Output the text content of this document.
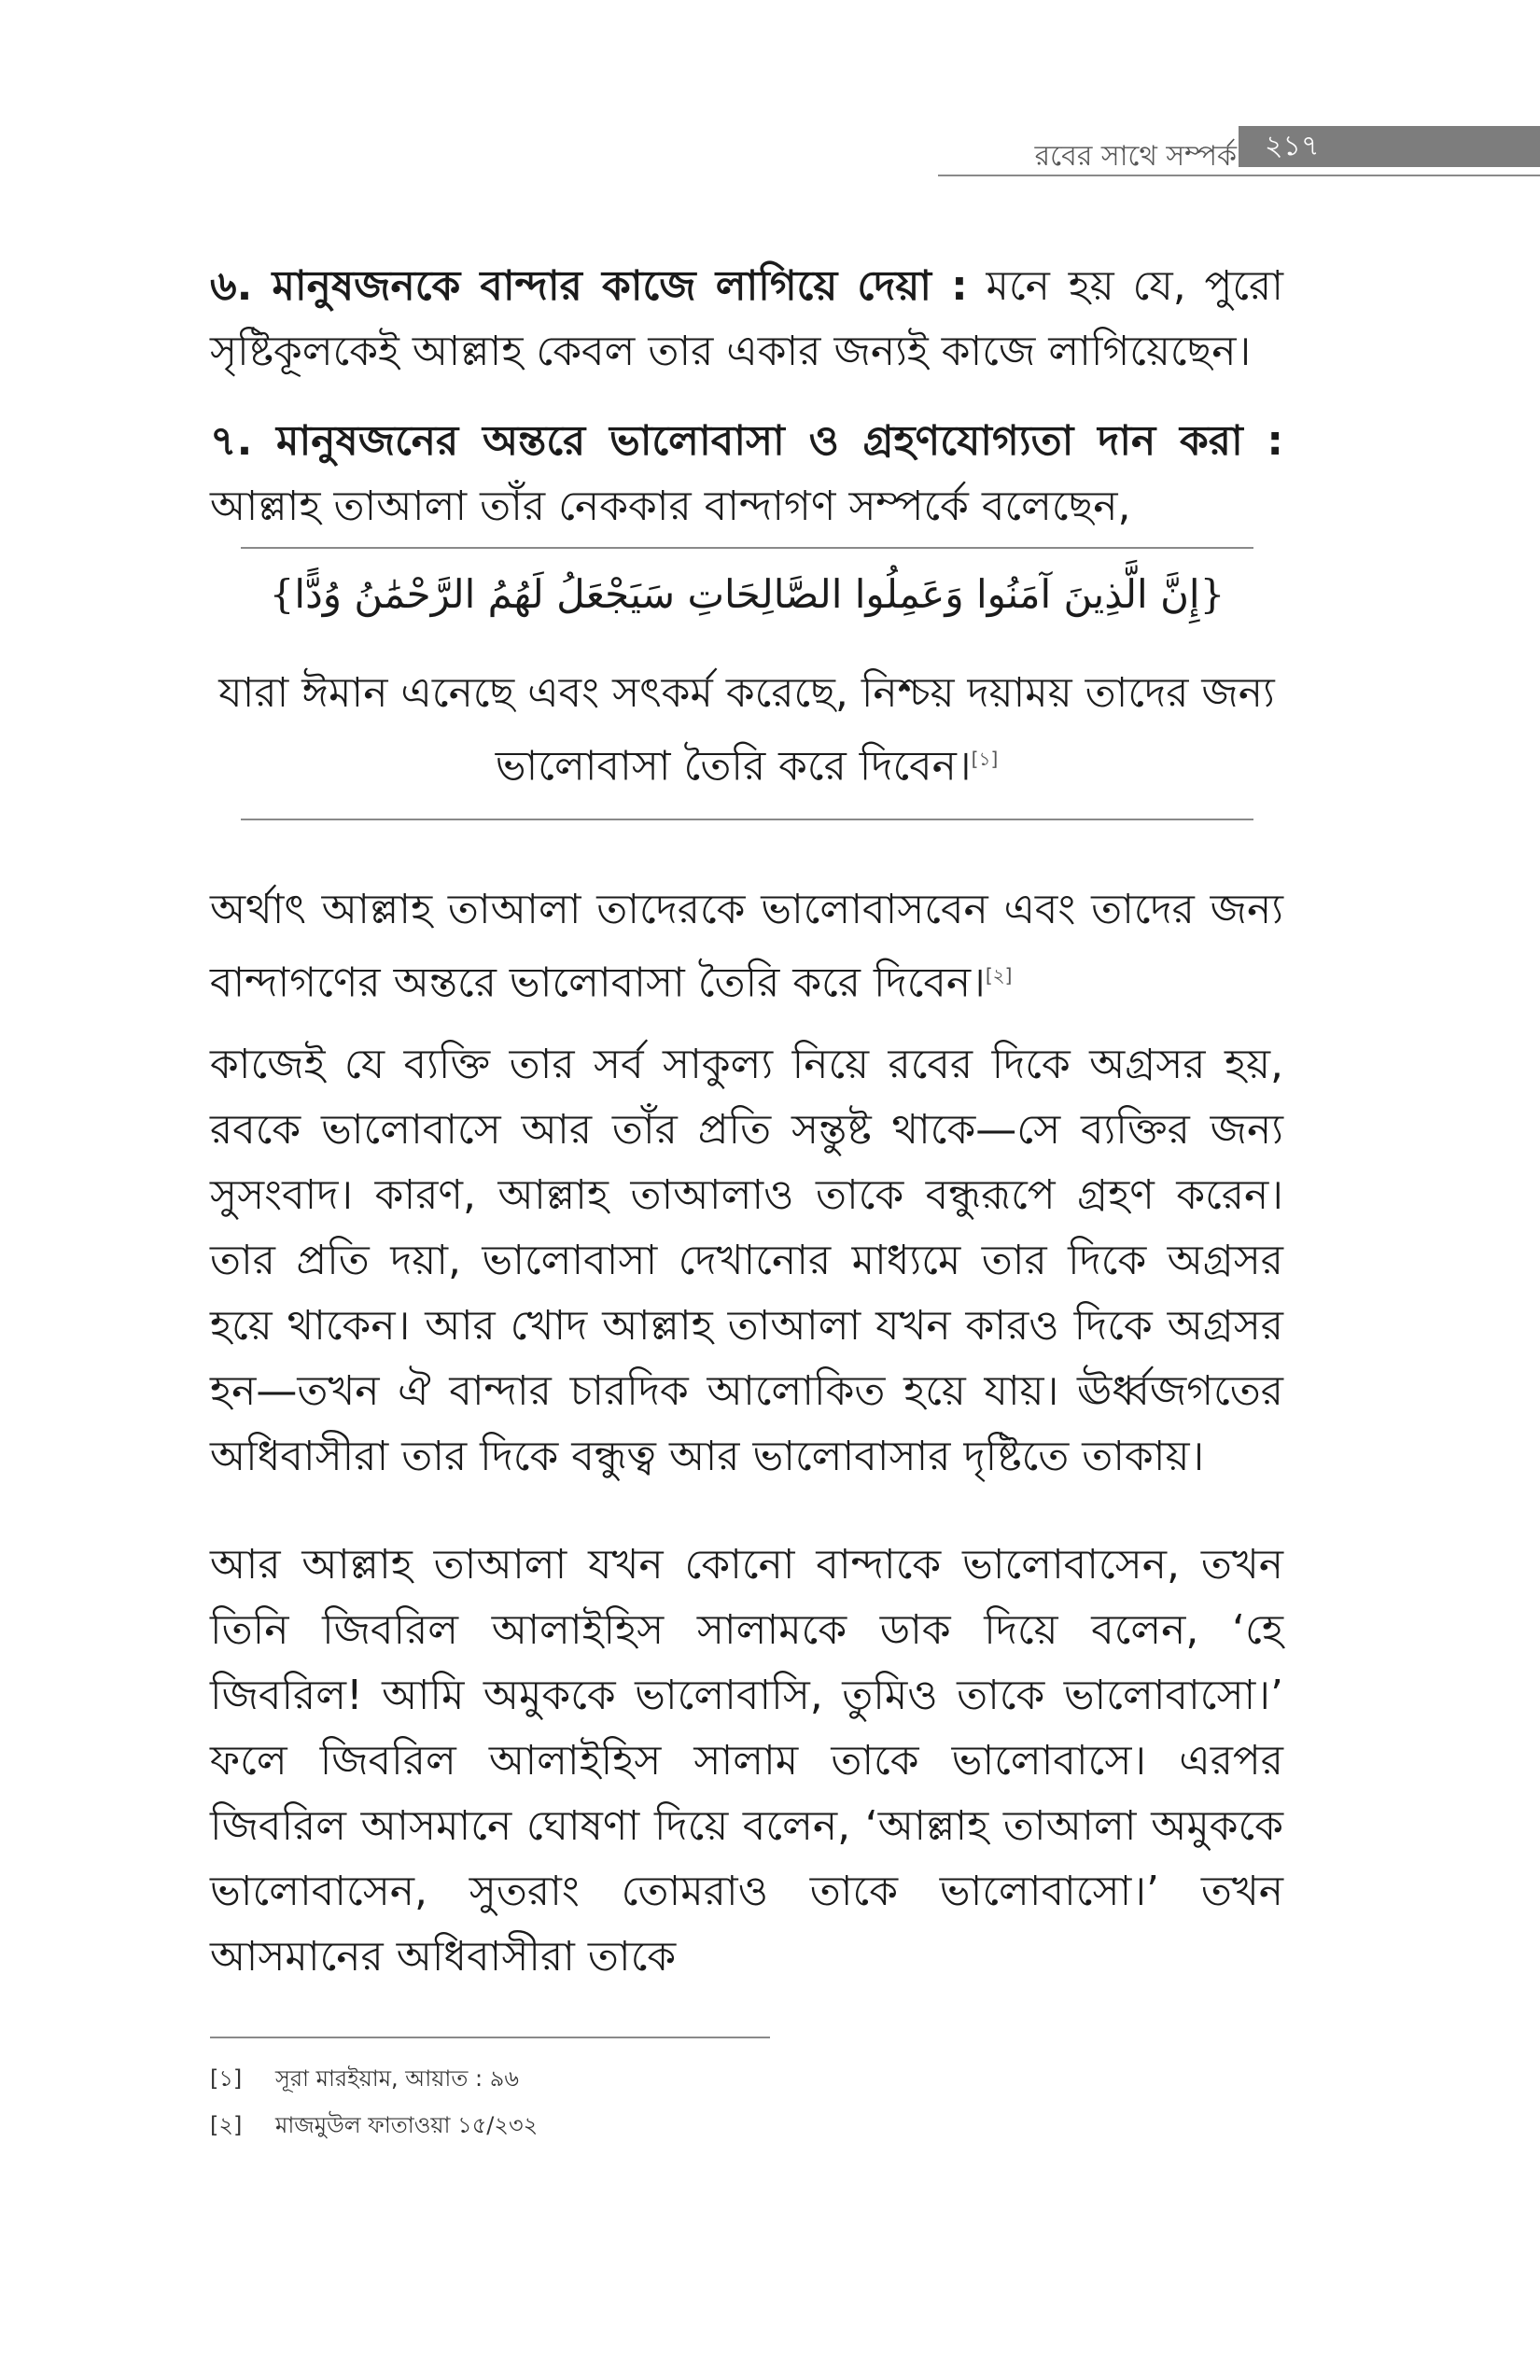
রবের সাথে সম্পর্ক	২১৭

৬. মানুষজনকে বান্দার কাজে লাগিয়ে দেয়া : মনে হয় যে, পুরো সৃষ্টিকূলকেই আল্লাহ কেবল তার একার জন্যই কাজে লাগিয়েছেন।

৭. মানুষজনের অন্তরে ভালোবাসা ও গ্রহণযোগ্যতা দান করা : আল্লাহ তাআলা তাঁর নেককার বান্দাগণ সম্পর্কে বলেছেন,

{إِنَّ الَّذِينَ آمَنُوا وَعَمِلُوا الصَّالِحَاتِ سَيَجْعَلُ لَهُمُ الرَّحْمَٰنُ وُدًّا}
যারা ঈমান এনেছে এবং সৎকর্ম করেছে, নিশ্চয় দয়াময় তাদের জন্য ভালোবাসা তৈরি করে দিবেন।[১]

অর্থাৎ আল্লাহ তাআলা তাদেরকে ভালোবাসবেন এবং তাদের জন্য বান্দাগণের অন্তরে ভালোবাসা তৈরি করে দিবেন।[২]

কাজেই যে ব্যক্তি তার সর্ব সাকুল্য নিয়ে রবের দিকে অগ্রসর হয়, রবকে ভালোবাসে আর তাঁর প্রতি সন্তুষ্ট থাকে—সে ব্যক্তির জন্য সুসংবাদ। কারণ, আল্লাহ তাআলাও তাকে বন্ধুরূপে গ্রহণ করেন। তার প্রতি দয়া, ভালোবাসা দেখানোর মাধ্যমে তার দিকে অগ্রসর হয়ে থাকেন। আর খোদ আল্লাহ তাআলা যখন কারও দিকে অগ্রসর হন—তখন ঐ বান্দার চারদিক আলোকিত হয়ে যায়। ঊর্ধ্বজগতের অধিবাসীরা তার দিকে বন্ধুত্ব আর ভালোবাসার দৃষ্টিতে তাকায়।

আর আল্লাহ তাআলা যখন কোনো বান্দাকে ভালোবাসেন, তখন তিনি জিবরিল আলাইহিস সালামকে ডাক দিয়ে বলেন, ‘হে জিবরিল! আমি অমুককে ভালোবাসি, তুমিও তাকে ভালোবাসো।’ ফলে জিবরিল আলাইহিস সালাম তাকে ভালোবাসে। এরপর জিবরিল আসমানে ঘোষণা দিয়ে বলেন, ‘আল্লাহ তাআলা অমুককে ভালোবাসেন, সুতরাং তোমরাও তাকে ভালোবাসো।’ তখন আসমানের অধিবাসীরা তাকে

[১] সূরা মারইয়াম, আয়াত : ৯৬
[২] মাজমুউল ফাতাওয়া ১৫/২৩২
